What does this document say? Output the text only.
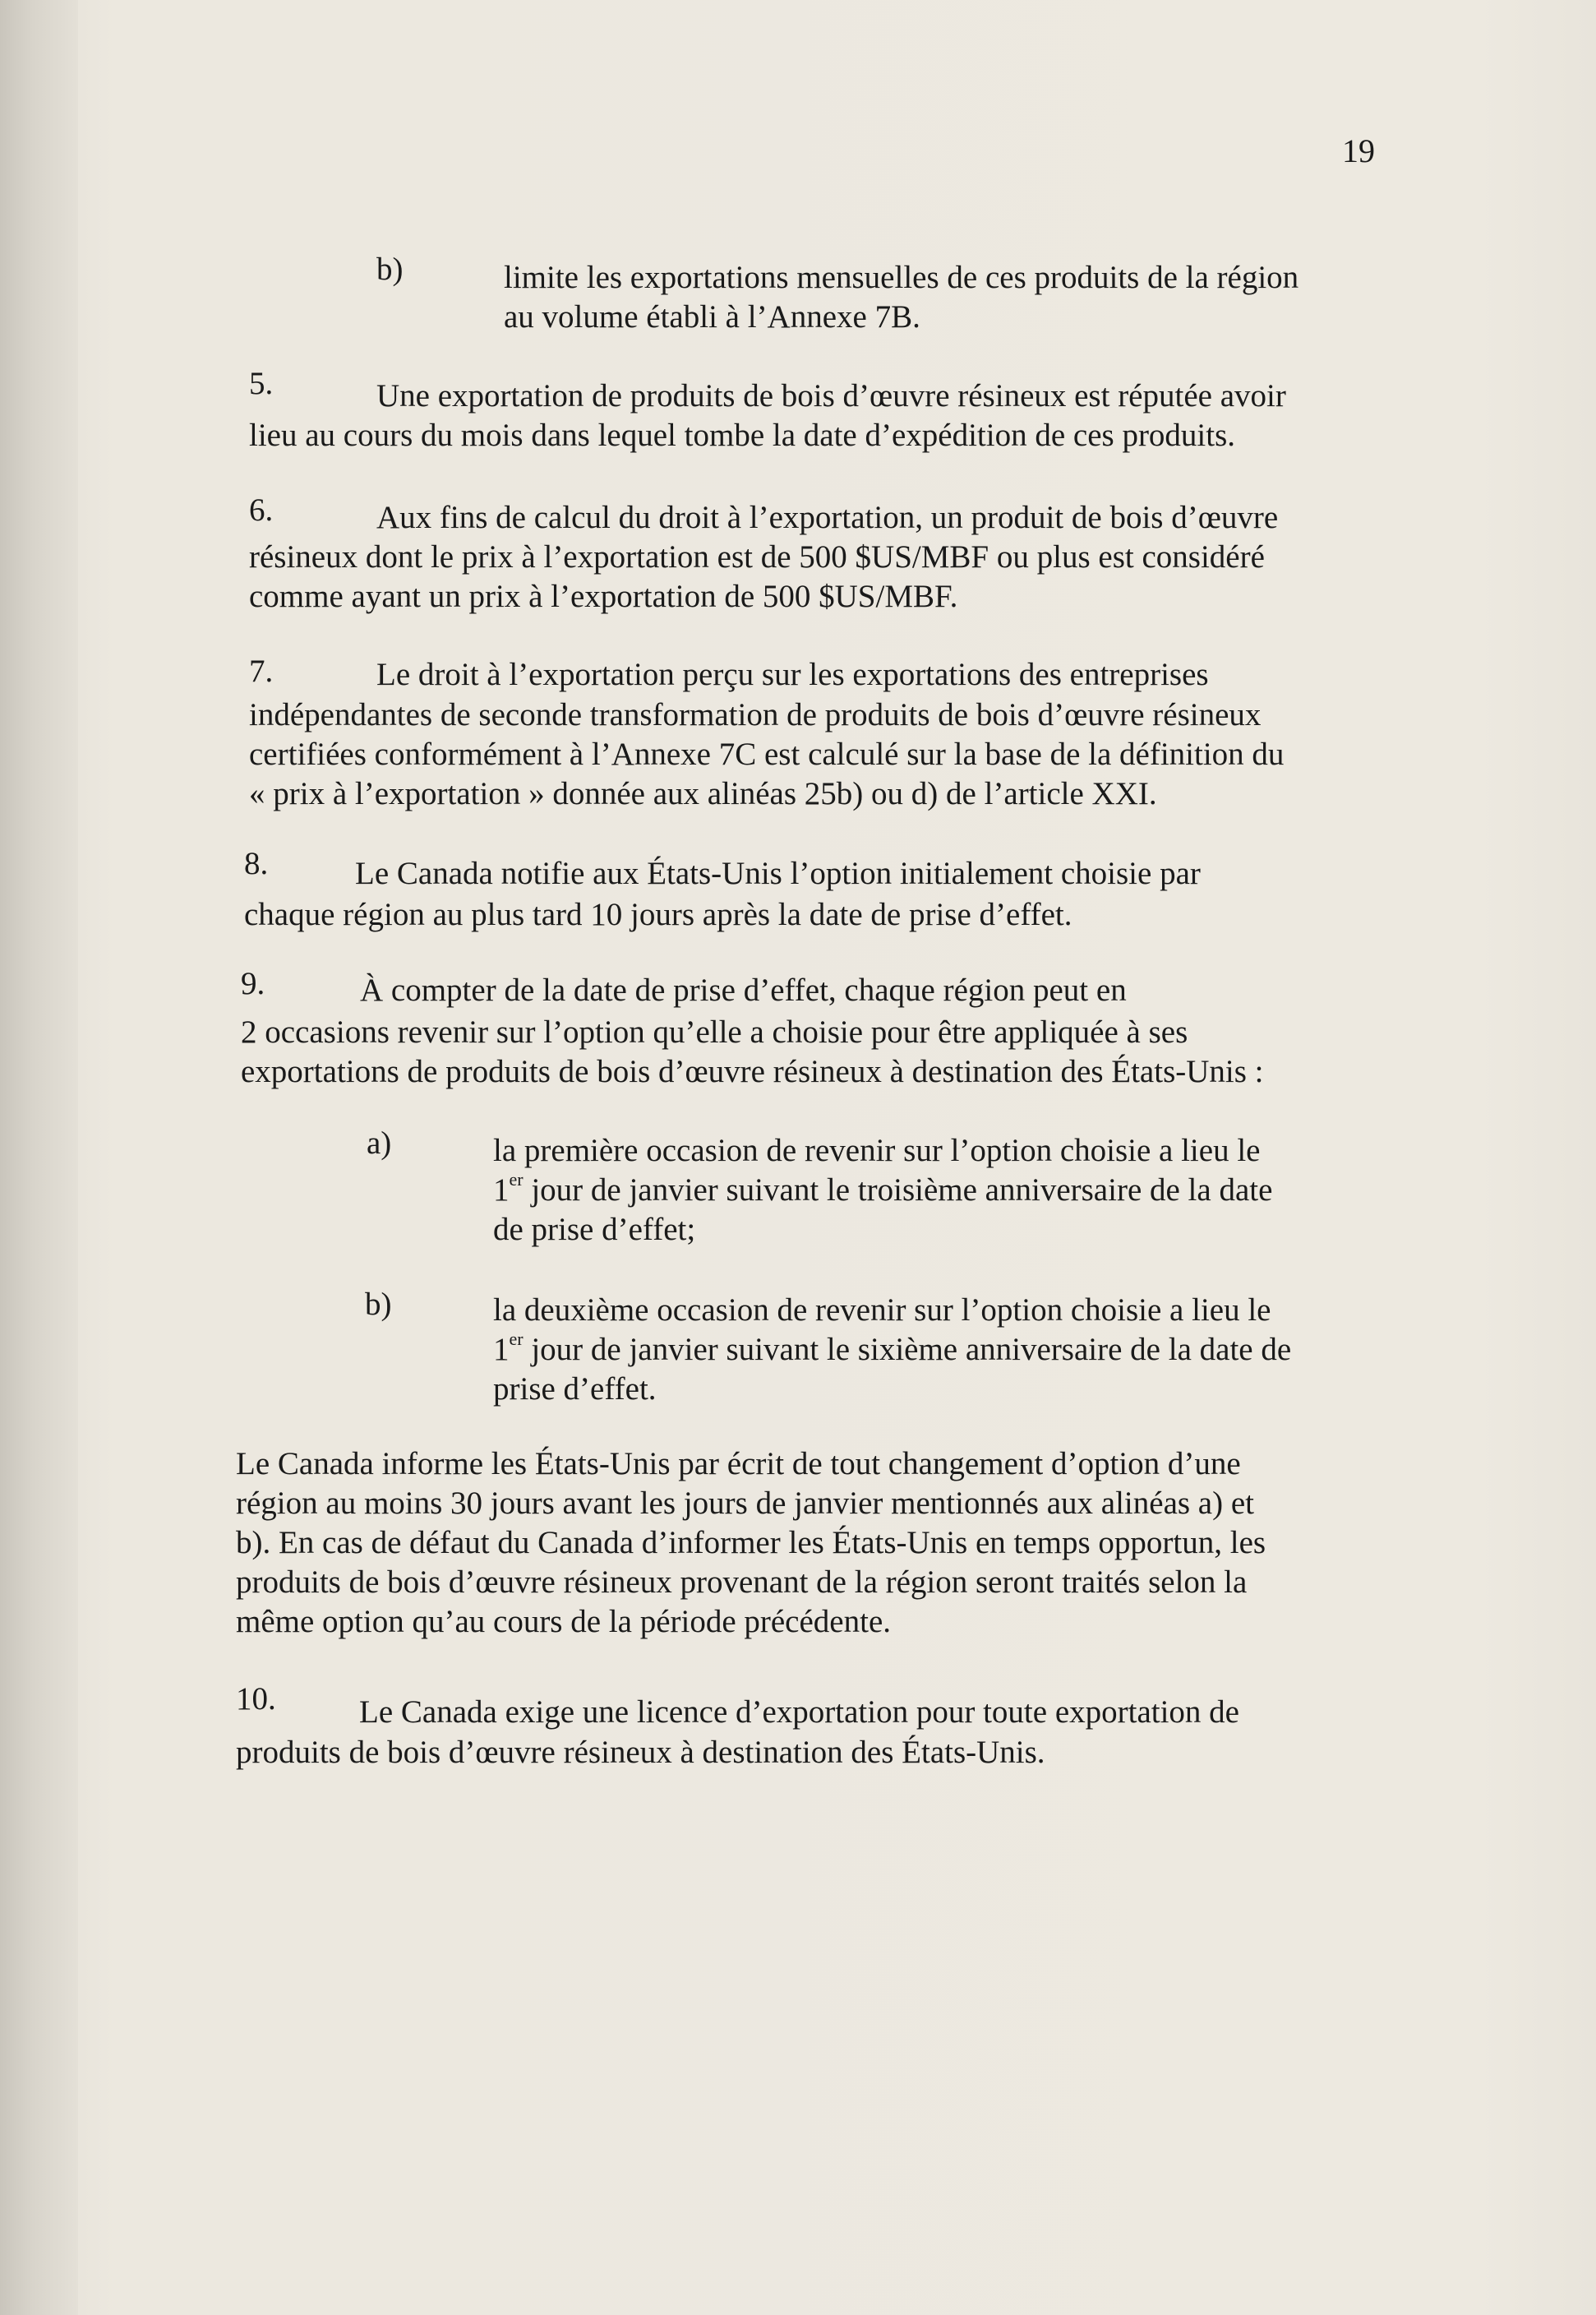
19
b)	limite les exportations mensuelles de ces produits de la région
au volume établi à l’Annexe 7B.
5.	Une exportation de produits de bois d’œuvre résineux est réputée avoir
lieu au cours du mois dans lequel tombe la date d’expédition de ces produits.
6.	Aux fins de calcul du droit à l’exportation, un produit de bois d’œuvre
résineux dont le prix à l’exportation est de 500 $US/MBF ou plus est considéré
comme ayant un prix à l’exportation de 500 $US/MBF.
7.	Le droit à l’exportation perçu sur les exportations des entreprises
indépendantes de seconde transformation de produits de bois d’œuvre résineux
certifiées conformément à l’Annexe 7C est calculé sur la base de la définition du
« prix à l’exportation » donnée aux alinéas 25b) ou d) de l’article XXI.
8.	Le Canada notifie aux États-Unis l’option initialement choisie par
chaque région au plus tard 10 jours après la date de prise d’effet.
9.	À compter de la date de prise d’effet, chaque région peut en
2 occasions revenir sur l’option qu’elle a choisie pour être appliquée à ses
exportations de produits de bois d’œuvre résineux à destination des États-Unis :
a)	la première occasion de revenir sur l’option choisie a lieu le
1er jour de janvier suivant le troisième anniversaire de la date
de prise d’effet;
b)	la deuxième occasion de revenir sur l’option choisie a lieu le
1er jour de janvier suivant le sixième anniversaire de la date de
prise d’effet.
Le Canada informe les États-Unis par écrit de tout changement d’option d’une
région au moins 30 jours avant les jours de janvier mentionnés aux alinéas a) et
b). En cas de défaut du Canada d’informer les États-Unis en temps opportun, les
produits de bois d’œuvre résineux provenant de la région seront traités selon la
même option qu’au cours de la période précédente.
10.	Le Canada exige une licence d’exportation pour toute exportation de
produits de bois d’œuvre résineux à destination des États-Unis.
